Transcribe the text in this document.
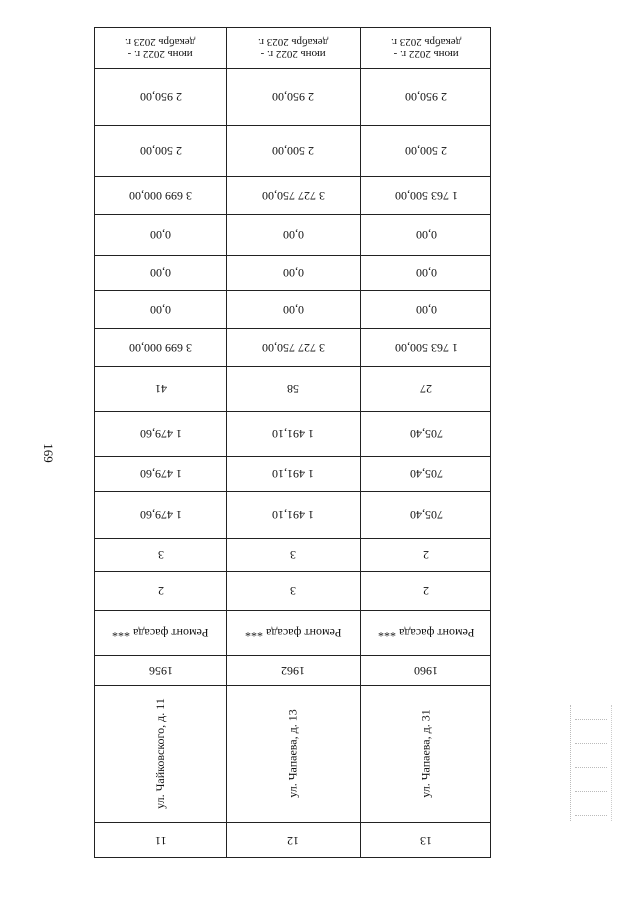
169
июнь 2022 г. -
декабрь 2023 г.
2 950,00
2 500,00
3 699 000,00
0,00
0,00
0,00
3 699 000,00
41
1 479,60
1 479,60
1 479,60
3
2
Ремонт фасада ***
1956
ул. Чайковского, д. 11
11
июнь 2022 г. -
декабрь 2023 г.
2 950,00
2 500,00
3 727 750,00
0,00
0,00
0,00
3 727 750,00
58
1 491,10
1 491,10
1 491,10
3
3
Ремонт фасада ***
1962
ул. Чапаева, д. 13
12
июнь 2022 г. -
декабрь 2023 г.
2 950,00
2 500,00
1 763 500,00
0,00
0,00
0,00
1 763 500,00
27
705,40
705,40
705,40
2
2
Ремонт фасада ***
1960
ул. Чапаева, д. 31
13
